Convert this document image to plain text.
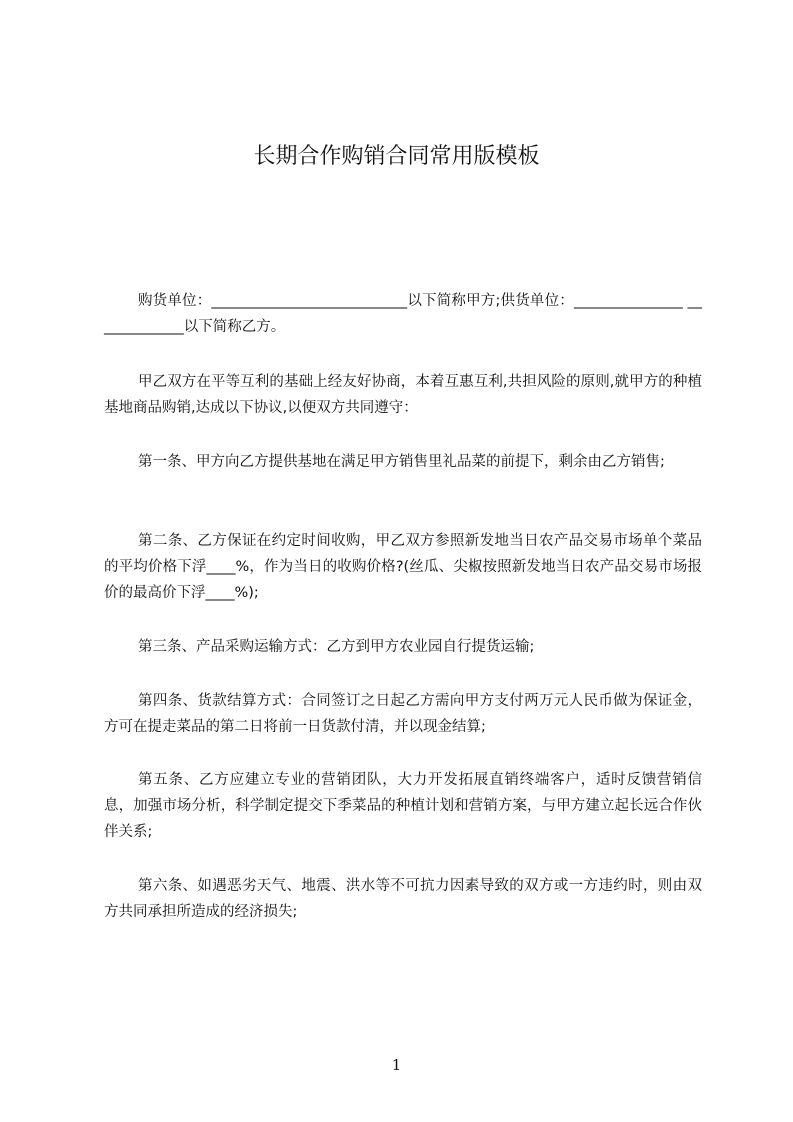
长期合作购销合同常用版模板

购货单位：___________________________以下简称甲方;供货单位：_______________ _____________以下简称乙方。

甲乙双方在平等互利的基础上经友好协商，本着互惠互利,共担风险的原则,就甲方的种植基地商品购销,达成以下协议,以便双方共同遵守：

第一条、甲方向乙方提供基地在满足甲方销售里礼品菜的前提下，剩余由乙方销售;

第二条、乙方保证在约定时间收购，甲乙双方参照新发地当日农产品交易市场单个菜品的平均价格下浮____%，作为当日的收购价格?(丝瓜、尖椒按照新发地当日农产品交易市场报价的最高价下浮____%);

第三条、产品采购运输方式：乙方到甲方农业园自行提货运输;

第四条、货款结算方式：合同签订之日起乙方需向甲方支付两万元人民币做为保证金，方可在提走菜品的第二日将前一日货款付清，并以现金结算;

第五条、乙方应建立专业的营销团队，大力开发拓展直销终端客户，适时反馈营销信息，加强市场分析，科学制定提交下季菜品的种植计划和营销方案，与甲方建立起长远合作伙伴关系;

第六条、如遇恶劣天气、地震、洪水等不可抗力因素导致的双方或一方违约时，则由双方共同承担所造成的经济损失;

1
